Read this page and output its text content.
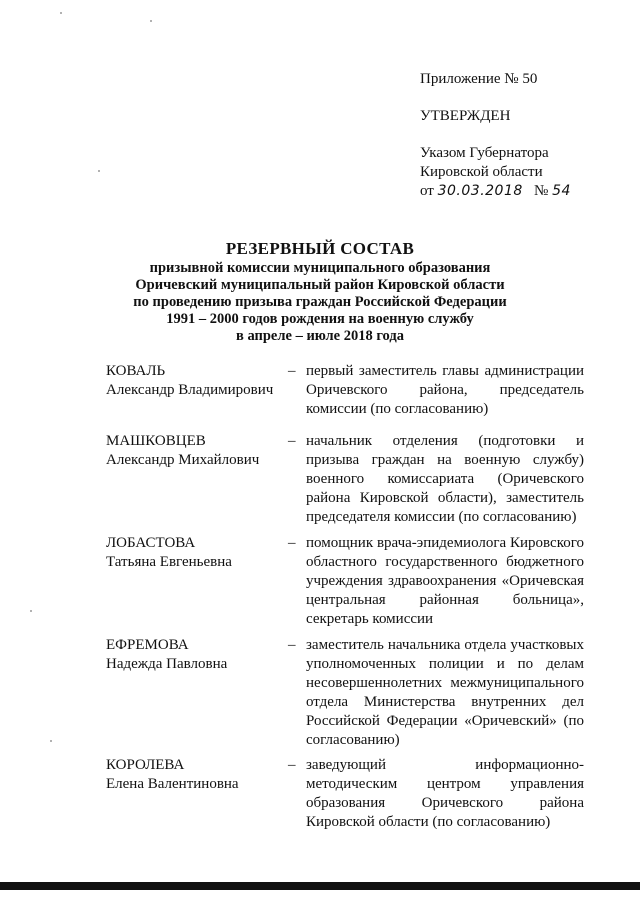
Приложение № 50
УТВЕРЖДЕН
Указом Губернатора
Кировской области
от 30.03.2018 № 54
РЕЗЕРВНЫЙ СОСТАВ
призывной комиссии муниципального образования
Оричевский муниципальный район Кировской области
по проведению призыва граждан Российской Федерации
1991 – 2000 годов рождения на военную службу
в апреле – июле 2018 года
КОВАЛЬ
Александр Владимирович
– первый заместитель главы администрации Оричевского района, председатель комиссии (по согласованию)
МАШКОВЦЕВ
Александр Михайлович
– начальник отделения (подготовки и призыва граждан на военную службу) военного комиссариата (Оричевского района Кировской области), заместитель председателя комиссии (по согласованию)
ЛОБАСТОВА
Татьяна Евгеньевна
– помощник врача-эпидемиолога Кировского областного государственного бюджетного учреждения здравоохранения «Оричевская центральная районная больница», секретарь комиссии
ЕФРЕМОВА
Надежда Павловна
– заместитель начальника отдела участковых уполномоченных полиции и по делам несовершеннолетних межмуниципального отдела Министерства внутренних дел Российской Федерации «Оричевский» (по согласованию)
КОРОЛЕВА
Елена Валентиновна
– заведующий информационно-методическим центром управления образования Оричевского района Кировской области (по согласованию)
